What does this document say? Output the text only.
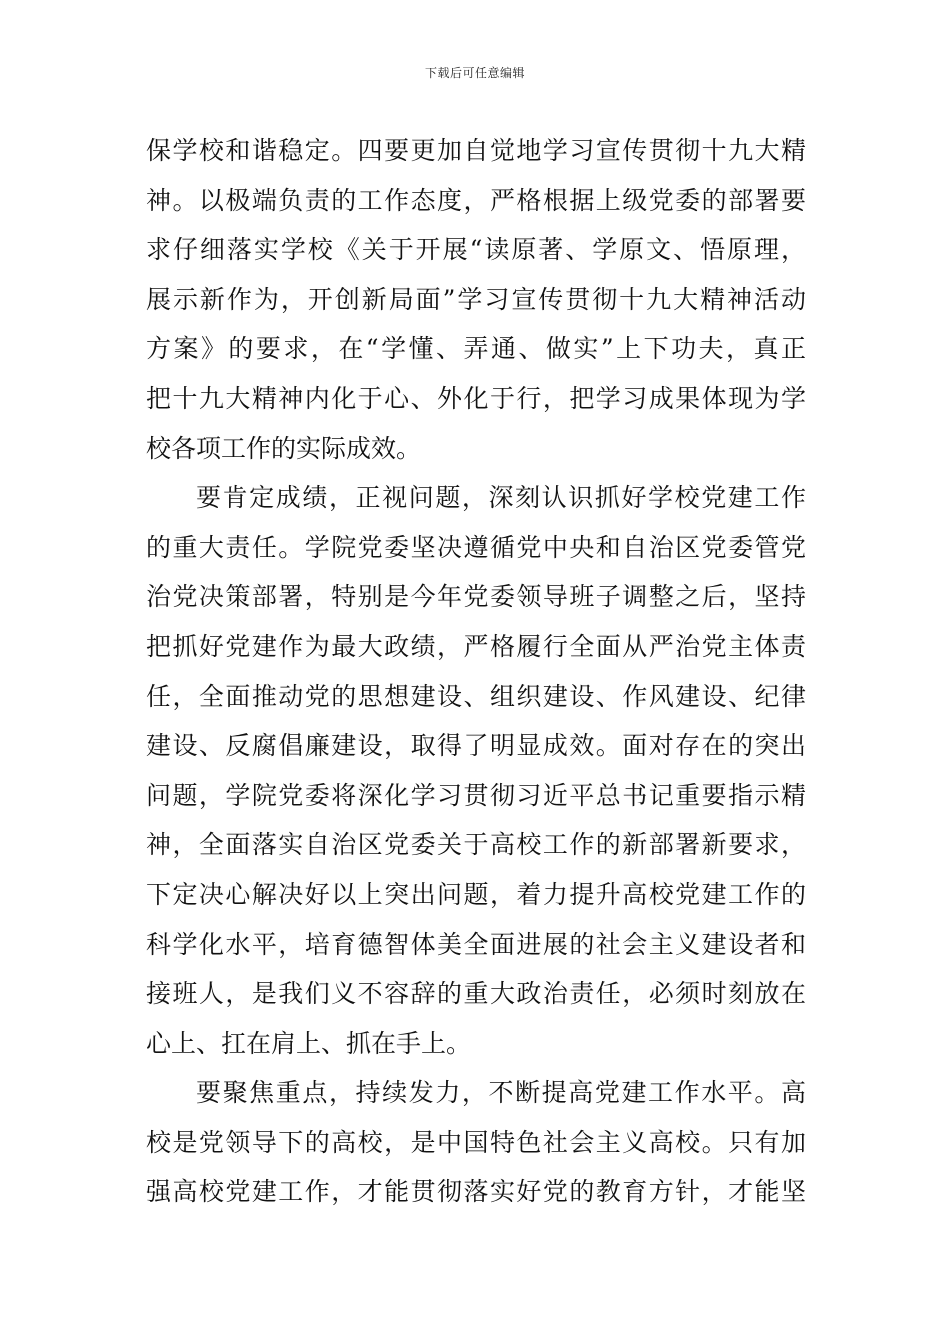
下载后可任意编辑
保学校和谐稳定。四要更加自觉地学习宣传贯彻十九大精
神。以极端负责的工作态度，严格根据上级党委的部署要
求仔细落实学校《关于开展“读原著、学原文、悟原理，
展示新作为，开创新局面”学习宣传贯彻十九大精神活动
方案》的要求，在“学懂、弄通、做实”上下功夫，真正
把十九大精神内化于心、外化于行，把学习成果体现为学
校各项工作的实际成效。
要肯定成绩，正视问题，深刻认识抓好学校党建工作
的重大责任。学院党委坚决遵循党中央和自治区党委管党
治党决策部署，特别是今年党委领导班子调整之后，坚持
把抓好党建作为最大政绩，严格履行全面从严治党主体责
任，全面推动党的思想建设、组织建设、作风建设、纪律
建设、反腐倡廉建设，取得了明显成效。面对存在的突出
问题，学院党委将深化学习贯彻习近平总书记重要指示精
神，全面落实自治区党委关于高校工作的新部署新要求，
下定决心解决好以上突出问题，着力提升高校党建工作的
科学化水平，培育德智体美全面进展的社会主义建设者和
接班人，是我们义不容辞的重大政治责任，必须时刻放在
心上、扛在肩上、抓在手上。
要聚焦重点，持续发力，不断提高党建工作水平。高
校是党领导下的高校，是中国特色社会主义高校。只有加
强高校党建工作，才能贯彻落实好党的教育方针，才能坚
